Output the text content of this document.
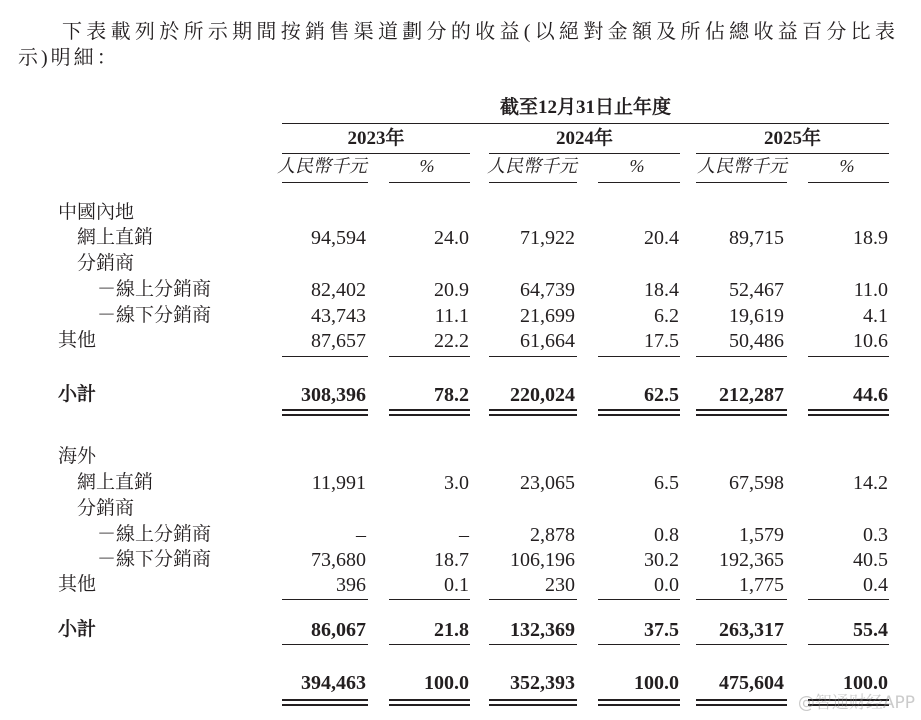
下表載列於所示期間按銷售渠道劃分的收益(以絕對金額及所佔總收益百分比表
示)明細：
截至12月31日止年度
2023年	2024年	2025年
人民幣千元	%	人民幣千元	%	人民幣千元	%
中國內地
網上直銷	94,594	24.0	71,922	20.4	89,715	18.9
分銷商
－線上分銷商	82,402	20.9	64,739	18.4	52,467	11.0
－線下分銷商	43,743	11.1	21,699	6.2	19,619	4.1
其他	87,657	22.2	61,664	17.5	50,486	10.6
小計	308,396	78.2	220,024	62.5	212,287	44.6
海外
網上直銷	11,991	3.0	23,065	6.5	67,598	14.2
分銷商
－線上分銷商	–	–	2,878	0.8	1,579	0.3
－線下分銷商	73,680	18.7	106,196	30.2	192,365	40.5
其他	396	0.1	230	0.0	1,775	0.4
小計	86,067	21.8	132,369	37.5	263,317	55.4
394,463	100.0	352,393	100.0	475,604	100.0
@智通财经APP
